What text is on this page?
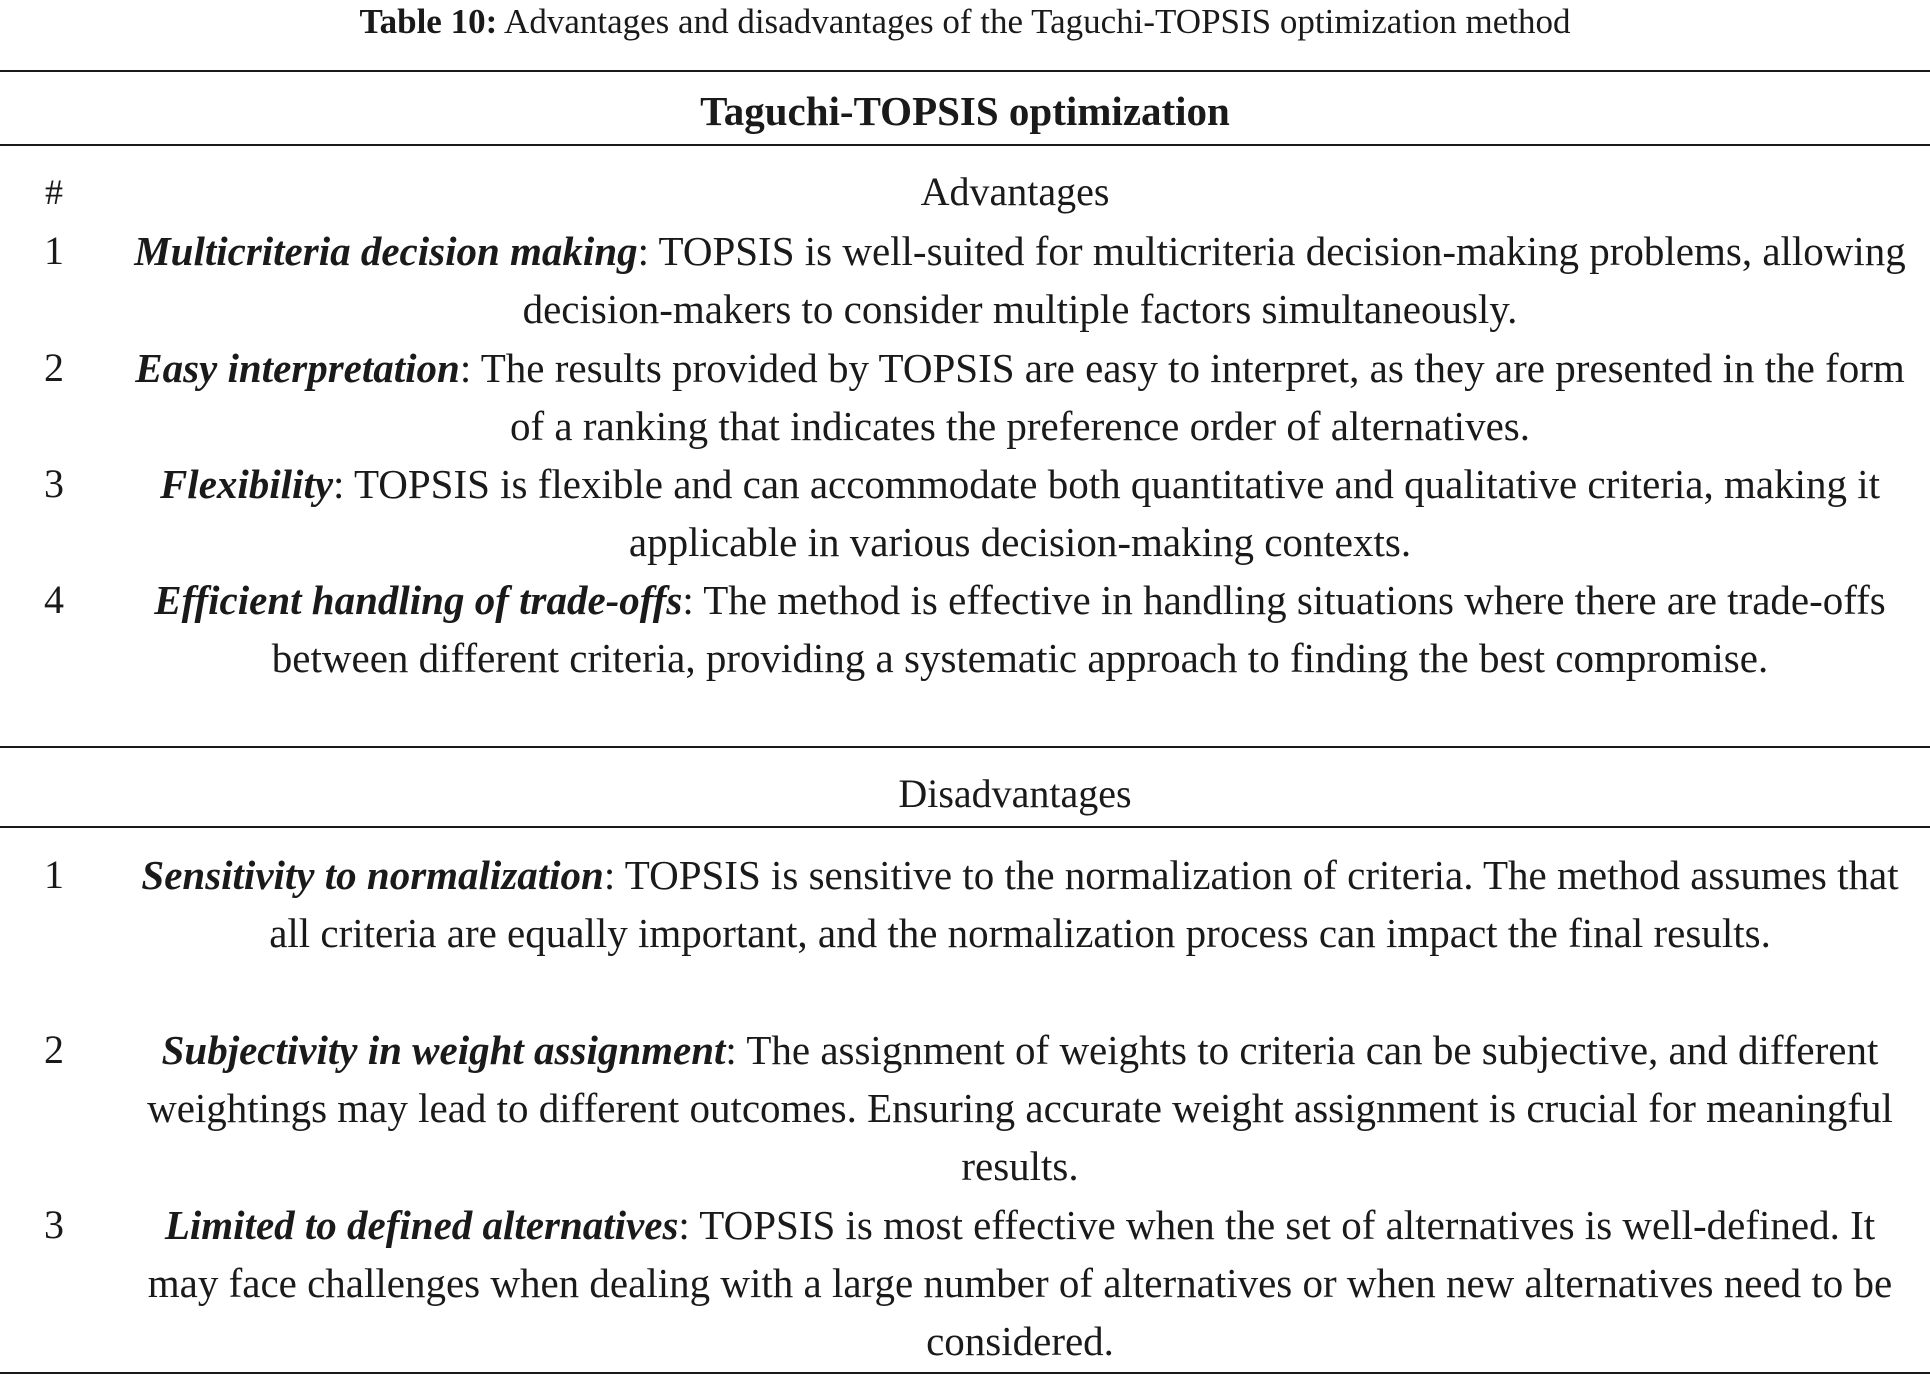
Table 10: Advantages and disadvantages of the Taguchi-TOPSIS optimization method
Taguchi-TOPSIS optimization
#	Advantages
1	Multicriteria decision making: TOPSIS is well-suited for multicriteria decision-making problems, allowing decision-makers to consider multiple factors simultaneously.
2	Easy interpretation: The results provided by TOPSIS are easy to interpret, as they are presented in the form of a ranking that indicates the preference order of alternatives.
3	Flexibility: TOPSIS is flexible and can accommodate both quantitative and qualitative criteria, making it applicable in various decision-making contexts.
4	Efficient handling of trade-offs: The method is effective in handling situations where there are trade-offs between different criteria, providing a systematic approach to finding the best compromise.
Disadvantages
1	Sensitivity to normalization: TOPSIS is sensitive to the normalization of criteria. The method assumes that all criteria are equally important, and the normalization process can impact the final results.
2	Subjectivity in weight assignment: The assignment of weights to criteria can be subjective, and different weightings may lead to different outcomes. Ensuring accurate weight assignment is crucial for meaningful results.
3	Limited to defined alternatives: TOPSIS is most effective when the set of alternatives is well-defined. It may face challenges when dealing with a large number of alternatives or when new alternatives need to be considered.
